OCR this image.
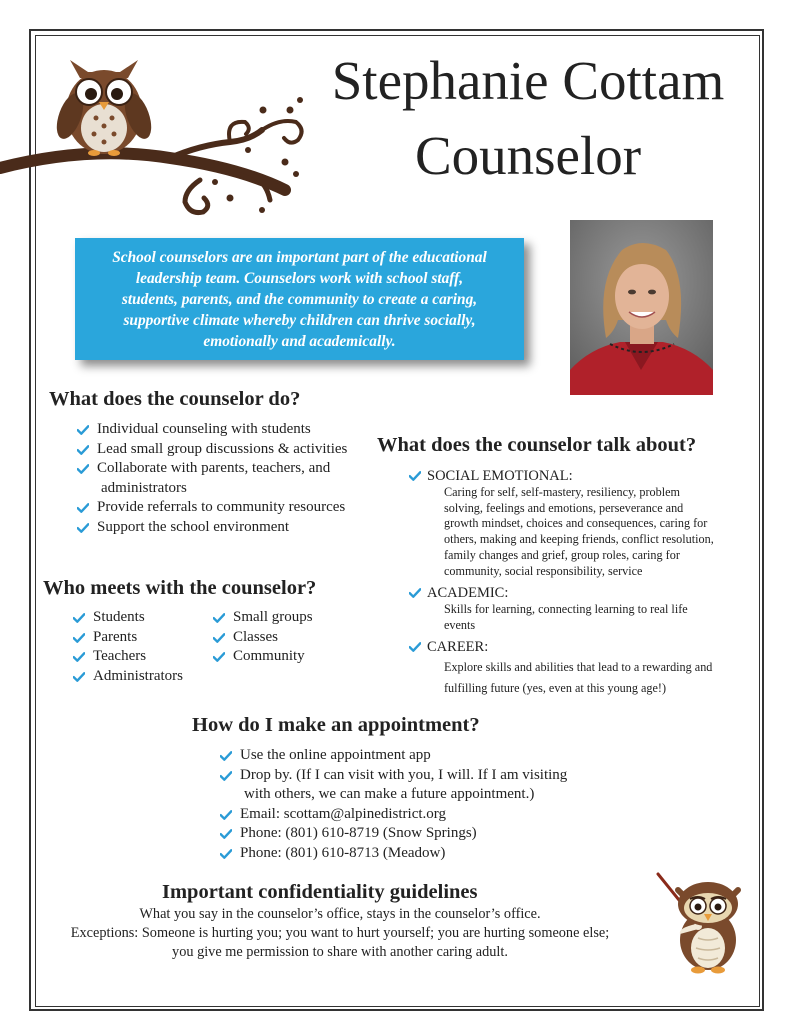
Stephanie Cottam
Counselor
School counselors are an important part of the educational
leadership team. Counselors work with school staff,
students, parents, and the community to create a caring,
supportive climate whereby children can thrive socially,
emotionally and academically.
What does the counselor do?
Individual counseling with students
Lead small group discussions & activities
Collaborate with parents, teachers, and
administrators
Provide referrals to community resources
Support the school environment
Who meets with the counselor?
Students
Parents
Teachers
Administrators
Small groups
Classes
Community
What does the counselor talk about?
SOCIAL EMOTIONAL:
Caring for self, self-mastery, resiliency, problem
solving, feelings and emotions, perseverance and
growth mindset, choices and consequences, caring for
others, making and keeping friends, conflict resolution,
family changes and grief, group roles, caring for
community, social responsibility, service
ACADEMIC:
Skills for learning, connecting learning to real life
events
CAREER:
Explore skills and abilities that lead to a rewarding and
fulfilling future (yes, even at this young age!)
How do I make an appointment?
Use the online appointment app
Drop by. (If I can visit with you, I will. If I am visiting
with others, we can make a future appointment.)
Email: scottam@alpinedistrict.org
Phone: (801) 610-8719 (Snow Springs)
Phone: (801) 610-8713 (Meadow)
Important confidentiality guidelines
What you say in the counselor’s office, stays in the counselor’s office.
Exceptions: Someone is hurting you; you want to hurt yourself; you are hurting someone else;
you give me permission to share with another caring adult.
